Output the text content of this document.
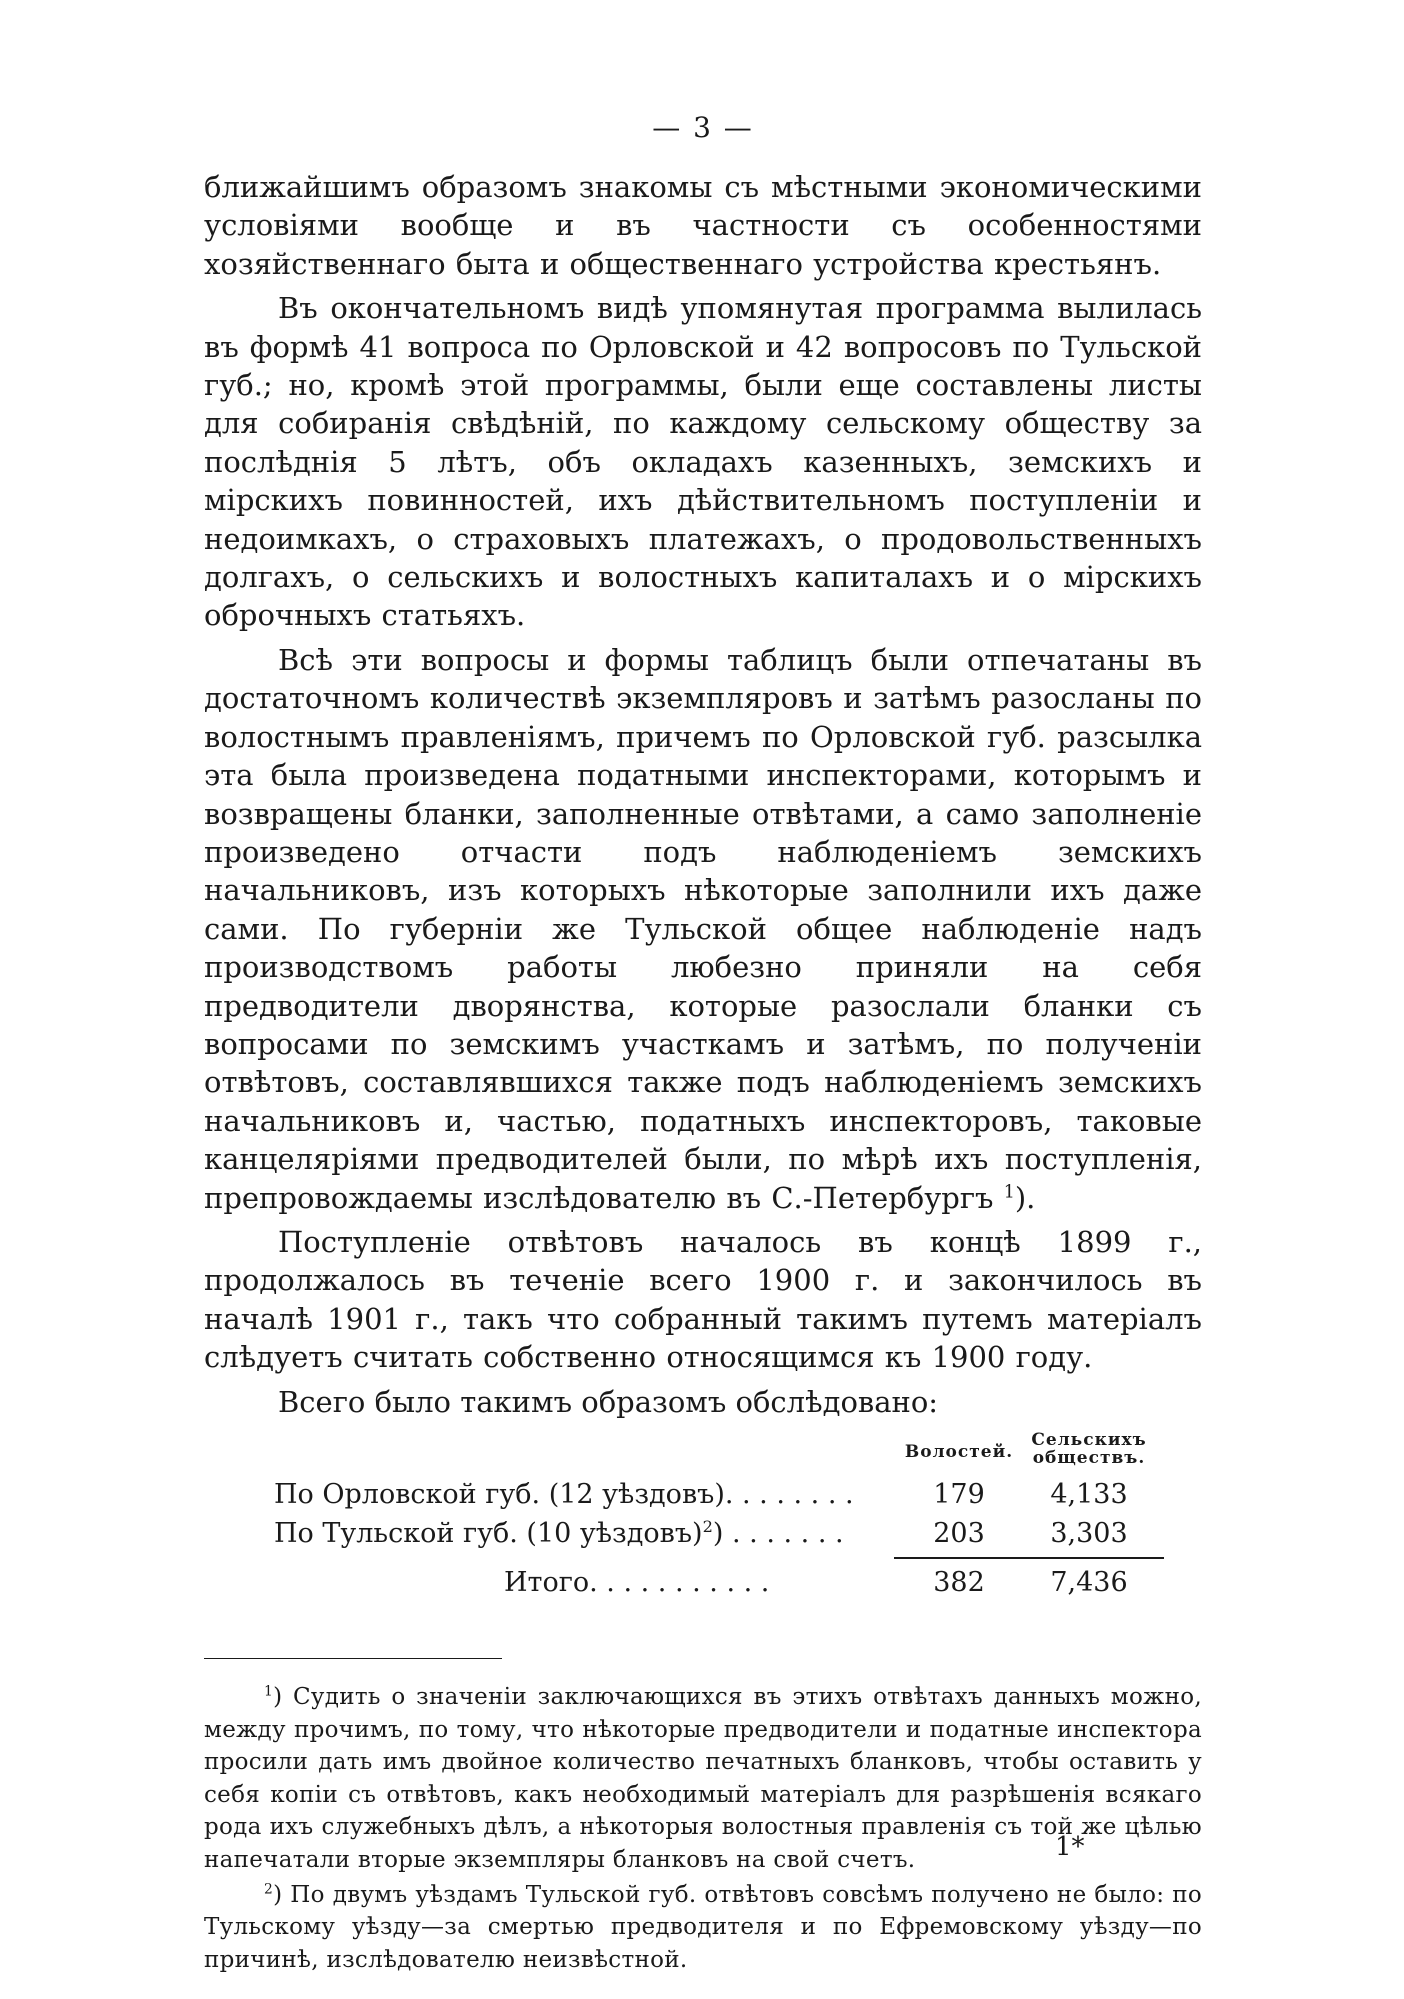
— 3 —

ближайшимъ образомъ знакомы съ мѣстными экономическими условіями вообще и въ частности съ особенностями хозяйственнаго быта и общественнаго устройства крестьянъ.

Въ окончательномъ видѣ упомянутая программа вылилась въ формѣ 41 вопроса по Орловской и 42 вопросовъ по Тульской губ.; но, кромѣ этой программы, были еще составлены листы для собиранія свѣдѣній, по каждому сельскому обществу за послѣднія 5 лѣтъ, объ окладахъ казенныхъ, земскихъ и мірскихъ повинностей, ихъ дѣйствительномъ поступленіи и недоимкахъ, о страховыхъ платежахъ, о продовольственныхъ долгахъ, о сельскихъ и волостныхъ капиталахъ и о мірскихъ оброчныхъ статьяхъ.

Всѣ эти вопросы и формы таблицъ были отпечатаны въ достаточномъ количествѣ экземпляровъ и затѣмъ разосланы по волостнымъ правленіямъ, причемъ по Орловской губ. разсылка эта была произведена податными инспекторами, которымъ и возвращены бланки, заполненные отвѣтами, а само заполненіе произведено отчасти подъ наблюденіемъ земскихъ начальниковъ, изъ которыхъ нѣкоторые заполнили ихъ даже сами. По губерніи же Тульской общее наблюденіе надъ производствомъ работы любезно приняли на себя предводители дворянства, которые разослали бланки съ вопросами по земскимъ участкамъ и затѣмъ, по полученіи отвѣтовъ, составлявшихся также подъ наблюденіемъ земскихъ начальниковъ и, частью, податныхъ инспекторовъ, таковые канцеляріями предводителей были, по мѣрѣ ихъ поступленія, препровождаемы изслѣдователю въ С.-Петербургъ $^1$).

Поступленіе отвѣтовъ началось въ концѣ 1899 г., продолжалось въ теченіе всего 1900 г. и закончилось въ началѣ 1901 г., такъ что собранный такимъ путемъ матеріалъ слѣдуетъ считать собственно относящимся къ 1900 году.

Всего было такимъ образомъ обслѣдовано:

Волостей.
Сельскихъ
обществъ.
По Орловской губ. (12 уѣздовъ). . . . . . . .	179	4,133
По Тульской губ. (10 уѣздовъ)$^2$) . . . . . . .	203	3,303
Итого. . . . . . . . . . .	382	7,436

$^1$) Судить о значеніи заключающихся въ этихъ отвѣтахъ данныхъ можно, между прочимъ, по тому, что нѣкоторые предводители и податные инспектора просили дать имъ двойное количество печатныхъ бланковъ, чтобы оставить у себя копіи съ отвѣтовъ, какъ необходимый матеріалъ для разрѣшенія всякаго рода ихъ служебныхъ дѣлъ, а нѣкоторыя волостныя правленія съ той же цѣлью напечатали вторые экземпляры бланковъ на свой счетъ.

$^2$) По двумъ уѣздамъ Тульской губ. отвѣтовъ совсѣмъ получено не было: по Тульскому уѣзду—за смертью предводителя и по Ефремовскому уѣзду—по причинѣ, изслѣдователю неизвѣстной.

1*
